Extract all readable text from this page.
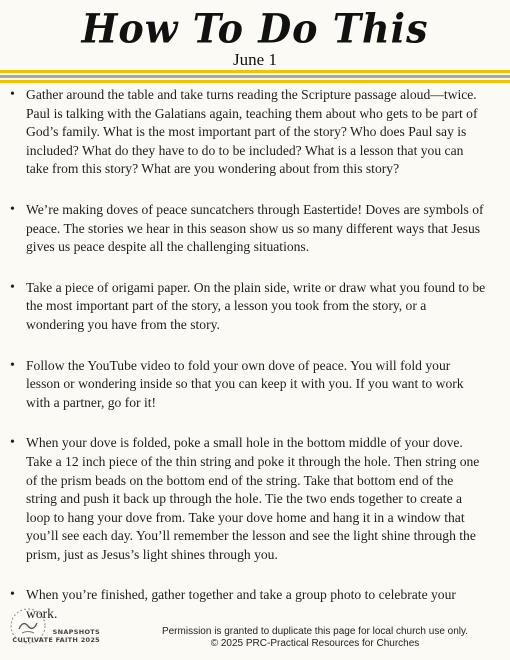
How To Do This
June 1
• Gather around the table and take turns reading the Scripture passage aloud—twice. Paul is talking with the Galatians again, teaching them about who gets to be part of God’s family. What is the most important part of the story? Who does Paul say is included? What do they have to do to be included? What is a lesson that you can take from this story? What are you wondering about from this story?
• We’re making doves of peace suncatchers through Eastertide! Doves are symbols of peace. The stories we hear in this season show us so many different ways that Jesus gives us peace despite all the challenging situations.
• Take a piece of origami paper. On the plain side, write or draw what you found to be the most important part of the story, a lesson you took from the story, or a wondering you have from the story.
• Follow the YouTube video to fold your own dove of peace. You will fold your lesson or wondering inside so that you can keep it with you. If you want to work with a partner, go for it!
• When your dove is folded, poke a small hole in the bottom middle of your dove. Take a 12 inch piece of the thin string and poke it through the hole. Then string one of the prism beads on the bottom end of the string. Take that bottom end of the string and push it back up through the hole. Tie the two ends together to create a loop to hang your dove from. Take your dove home and hang it in a window that you’ll see each day. You’ll remember the lesson and see the light shine through the prism, just as Jesus’s light shines through you.
• When you’re finished, gather together and take a group photo to celebrate your work.
SNAPSHOTS
CULTIVATE FAITH 2025
Permission is granted to duplicate this page for local church use only.
© 2025 PRC-Practical Resources for Churches
